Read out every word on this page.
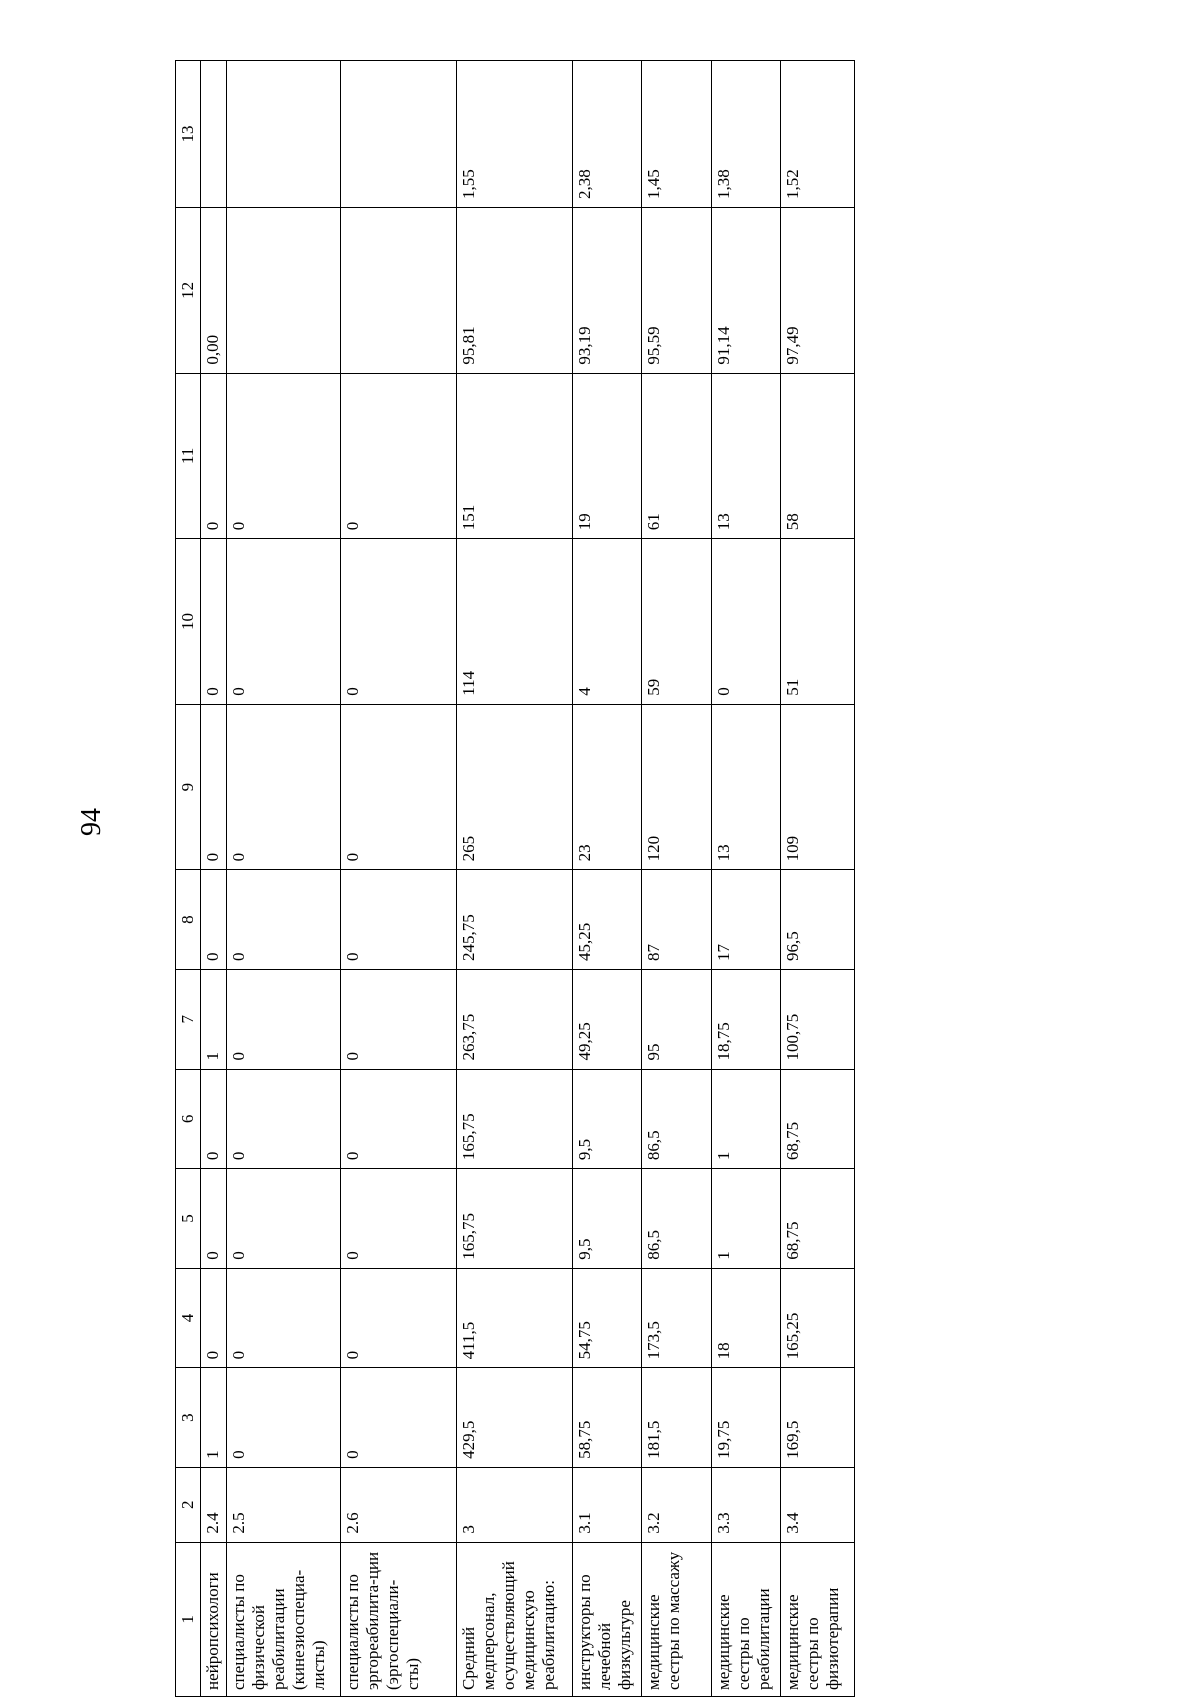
94
1	2	3	4	5	6	7	8	9	10	11	12	13
нейропсихологи	2.4	1	0	0	0	1	0	0	0	0	0,00	
специалисты по физической реабилитации (кинезиоспециа-листы)	2.5	0	0	0	0	0	0	0	0	0		
специалисты по эргореабилита-ции (эргоспециали-сты)	2.6	0	0	0	0	0	0	0	0	0		
Средний медперсонал, осуществляющий медицинскую реабилитацию:	3	429,5	411,5	165,75	165,75	263,75	245,75	265	114	151	95,81	1,55
инструкторы по лечебной физкультуре	3.1	58,75	54,75	9,5	9,5	49,25	45,25	23	4	19	93,19	2,38
медицинские сестры по массажу	3.2	181,5	173,5	86,5	86,5	95	87	120	59	61	95,59	1,45
медицинские сестры по реабилитации	3.3	19,75	18	1	1	18,75	17	13	0	13	91,14	1,38
медицинские сестры по физиотерапии	3.4	169,5	165,25	68,75	68,75	100,75	96,5	109	51	58	97,49	1,52
